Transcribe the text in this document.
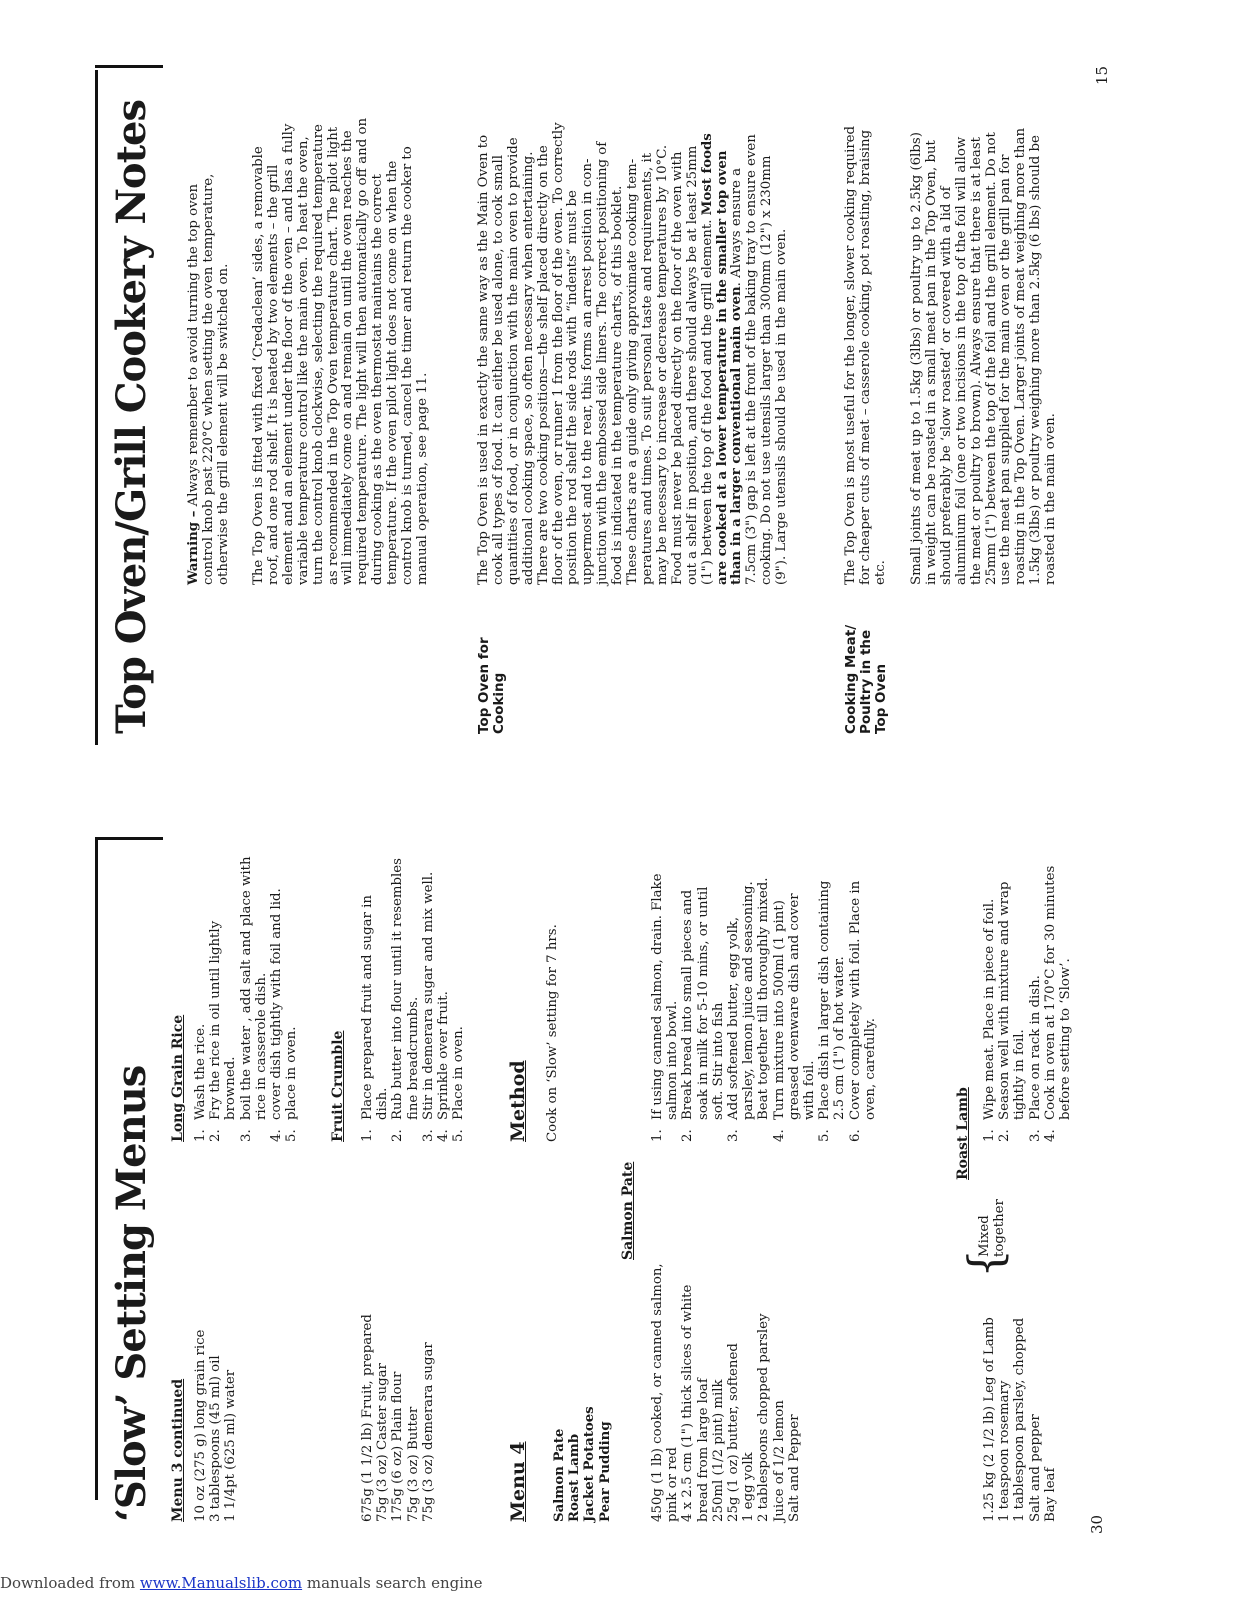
‘Slow’ Setting Menus Menu 3 continued 10 oz (275 g) long grain rice 3 tablespoons (45 ml) oil 1 1/4pt (625 ml) water
Long Grain Rice 1.
Wash the rice.
2.
Fry the rice in oil until lightly browned.
3.
boil the water , add salt and place with rice in casserole dish.
4.
cover dish tightly with foil and lid.
5.
place in oven. Fruit Crumble
675g (1 1/2 lb) Fruit, prepared 75g (3 oz) Caster sugar 175g (6 oz) Plain flour 75g (3 oz) Butter 75g (3 oz) demerara sugar
1.
Place prepared fruit and sugar in dish.
2.
Rub butter into flour until it resembles fine breadcrumbs.
3.
Stir in demerara sugar and mix well.
4.
Sprinkle over fruit.
5.
Place in oven.
Menu 4 Salmon Pate Roast Lamb Jacket Potatoes Pear Pudding
Method Cook on ‘Slow’ setting for 7 hrs.
Salmon Pate
450g (1 lb) cooked, or canned salmon, pink or red 4 x 2.5 cm (1") thick slices of white bread from large loaf 250ml (1/2 pint) milk 25g (1 oz) butter, softened 1 egg yolk 2 tablespoons chopped parsley Juice of 1/2 lemon Salt and Pepper
1.
If using canned salmon, drain. Flake salmon into bowl.
2.
Break bread into small pieces and soak in milk for 5-10 mins, or until soft. Stir into fish
3.
Add softened butter, egg yolk, parsley, lemon juice and seasoning. Beat together till thoroughly mixed.
4.
Turn mixture into 500ml (1 pint) greased ovenware dish and cover with foil.
5.
Place dish in larger dish containing 2.5 cm (1") of hot water.
6.
Cover completely with foil. Place in oven, carefully.
Roast Lamb
1.25 kg (2 1/2 lb) Leg of Lamb 1 teaspoon rosemary 1 tablespoon parsley, chopped Salt and pepper Bay leaf
{
Mixed together
1.
Wipe meat. Place in piece of foil.
2.
Season well with mixture and wrap tightly in foil.
3.
Place on rack in dish.
4.
Cook in oven at 170°C for 30 minutes before setting to ‘Slow’.
30
Top Oven/Grill Cookery Notes Warning – Always remember to avoid turning the top oven control knob past 220°C when setting the oven temperature, otherwise the grill element will be switched on. The Top Oven is fitted with fixed ‘Credaclean’ sides, a removable roof, and one rod shelf. It is heated by two elements – the grill element and an element under the floor of the oven – and has a fully variable temperature control like the main oven. To heat the oven, turn the control knob clockwise, selecting the required temperature as recommended in the Top Oven temperature chart. The pilot light will immediately come on and remain on until the oven reaches the required temperature. The light will then automatically go off and on during cooking as the oven thermostat maintains the correct temperature. If the oven pilot light does not come on when the control knob is turned, cancel the timer and return the cooker to manual operation, see page 11.
Top Oven for Cooking
The Top Oven is used in exactly the same way as the Main Oven to cook all types of food. It can either be used alone, to cook small quantities of food, or in conjunction with the main oven to provide additional cooking space, so often necessary when entertaining. There are two cooking positions—the shelf placed directly on the floor of the oven, or runner 1 from the floor of the oven. To correctly position the rod shelf the side rods with “indents” must be uppermost and to the rear, this forms an arrest position in con- junction with the embossed side liners. The correct positioning of food is indicated in the temperature charts, of this booklet. These charts are a guide only giving approximate cooking tem- peratures and times. To suit personal taste and requirements, it may be necessary to increase or decrease temperatures by 10°C. Food must never be placed directly on the floor of the oven with out a shelf in position, and there should always be at least 25mm (1") between the top of the food and the grill element. Most foods are cooked at a lower temperature in the smaller top oven than in a larger conventional main oven. Always ensure a 7.5cm (3") gap is left at the front of the baking tray to ensure even cooking. Do not use utensils larger than 300mm (12") x 230mm (9"). Large utensils should be used in the main oven.
Cooking Meat/ Poultry in the Top Oven
The Top Oven is most useful for the longer, slower cooking required for cheaper cuts of meat – casserole cooking, pot roasting, braising etc. Small joints of meat up to 1.5kg (3lbs) or poultry up to 2.5kg (6lbs) in weight can be roasted in a small meat pan in the Top Oven, but should preferably be ‘slow roasted’ or covered with a lid of aluminium foil (one or two incisions in the top of the foil will allow the meat or poultry to brown). Always ensure that there is at least 25mm (1") between the top of the foil and the grill element. Do not use the meat pan supplied for the main oven or the grill pan for roasting in the Top Oven. Larger joints of meat weighing more than 1.5kg (3lbs) or poultry weighing more than 2.5kg (6 lbs) should be roasted in the main oven.
15
Downloaded from www.Manualslib.com manuals search engine
